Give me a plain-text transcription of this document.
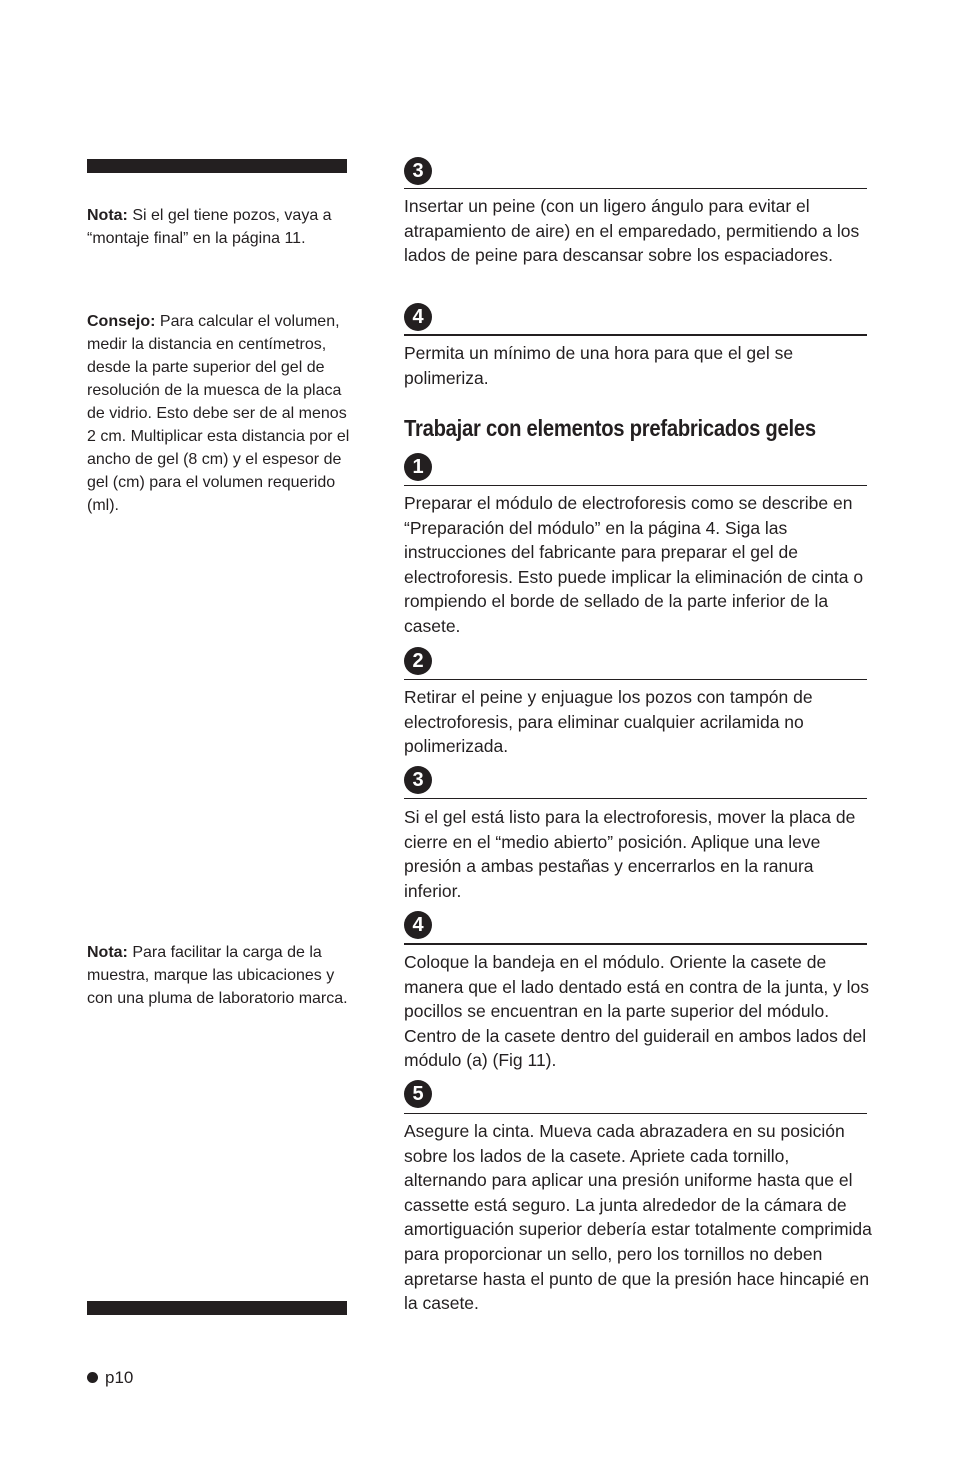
Nota: Si el gel tiene pozos, vaya a “montaje final” en la página 11.

Consejo: Para calcular el volumen, medir la distancia en centímetros, desde la parte superior del gel de resolución de la muesca de la placa de vidrio. Esto debe ser de al menos 2 cm. Multiplicar esta distancia por el ancho de gel (8 cm) y el espesor de gel (cm) para el volumen requerido (ml).

Nota: Para facilitar la carga de la muestra, marque las ubicaciones y con una pluma de laboratorio marca.

3

Insertar un peine (con un ligero ángulo para evitar el atrapamiento de aire) en el emparedado, permitiendo a los lados de peine para descansar sobre los espaciadores.

4

Permita un mínimo de una hora para que el gel se polimeriza.

Trabajar con elementos prefabricados geles
1

Preparar el módulo de electroforesis como se describe en “Preparación del módulo” en la página 4. Siga las instrucciones del fabricante para preparar el gel de electroforesis. Esto puede implicar la eliminación de cinta o rompiendo el borde de sellado de la parte inferior de la casete.

2

Retirar el peine y enjuague los pozos con tampón de electroforesis, para eliminar cualquier acrilamida no polimerizada.

3

Si el gel está listo para la electroforesis, mover la placa de cierre en el “medio abierto” posición. Aplique una leve presión a ambas pestañas y encerrarlos en la ranura inferior.

4

Coloque la bandeja en el módulo. Oriente la casete de manera que el lado dentado está en contra de la junta, y los pocillos se encuentran en la parte superior del módulo. Centro de la casete dentro del guiderail en ambos lados del módulo (a) (Fig 11).

5

Asegure la cinta. Mueva cada abrazadera en su posición sobre los lados de la casete. Apriete cada tornillo, alternando para aplicar una presión uniforme hasta que el cassette está seguro. La junta alrededor de la cámara de amortiguación superior debería estar totalmente comprimida para proporcionar un sello, pero los tornillos no deben apretarse hasta el punto de que la presión hace hincapié en la casete.

p10
